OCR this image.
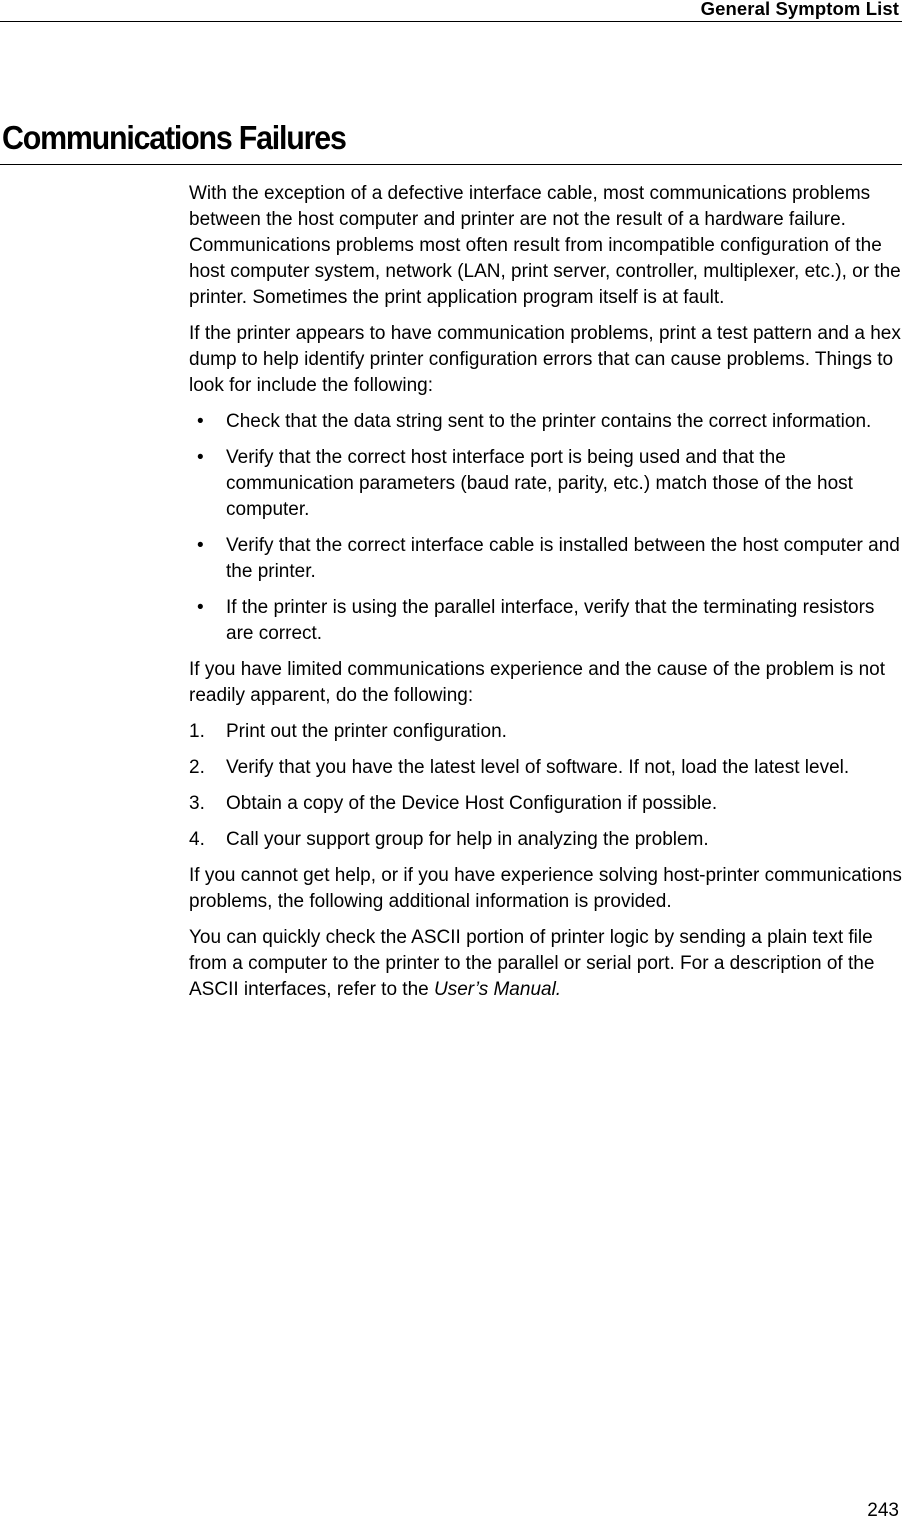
General Symptom List
Communications Failures

With the exception of a defective interface cable, most communications problems between the host computer and printer are not the result of a hardware failure. Communications problems most often result from incompatible configuration of the host computer system, network (LAN, print server, controller, multiplexer, etc.), or the printer. Sometimes the print application program itself is at fault.

If the printer appears to have communication problems, print a test pattern and a hex dump to help identify printer configuration errors that can cause problems. Things to look for include the following:

•	Check that the data string sent to the printer contains the correct information.
•	Verify that the correct host interface port is being used and that the communication parameters (baud rate, parity, etc.) match those of the host computer.
•	Verify that the correct interface cable is installed between the host computer and the printer.
•	If the printer is using the parallel interface, verify that the terminating resistors are correct.

If you have limited communications experience and the cause of the problem is not readily apparent, do the following:

1.	Print out the printer configuration.
2.	Verify that you have the latest level of software. If not, load the latest level.
3.	Obtain a copy of the Device Host Configuration if possible.
4.	Call your support group for help in analyzing the problem.

If you cannot get help, or if you have experience solving host-printer communications problems, the following additional information is provided.

You can quickly check the ASCII portion of printer logic by sending a plain text file from a computer to the printer to the parallel or serial port. For a description of the ASCII interfaces, refer to the User’s Manual.

243
